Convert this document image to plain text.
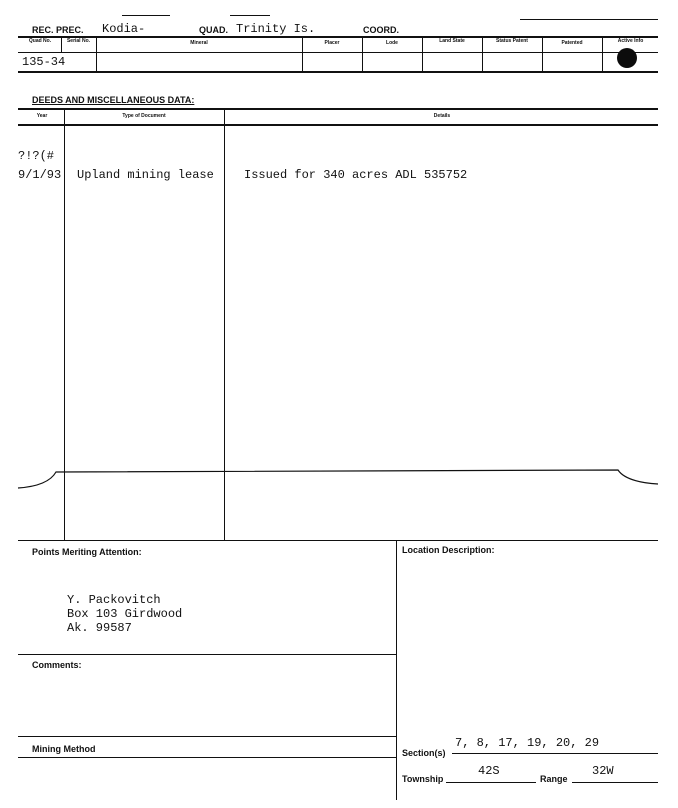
REC. PREC. Kodia-	QUAD. Trinity Is.	COORD.
Quad No.	Serial No.	Mineral	Placer	Lode	Land State	Status Patent	Patented	Active Info
135-34
DEEDS AND MISCELLANEOUS DATA:
Year	Type of Document	Details
?!?(#
9/1/93 Upland mining lease	Issued for 340 acres ADL 535752
Points Meriting Attention:	Location Description:
Y. Packovitch
Box 103 Girdwood
Ak. 99587
Comments:
Mining Method	Section(s)
7, 8, 17, 19, 20, 29
Township
42S
Range
32W
